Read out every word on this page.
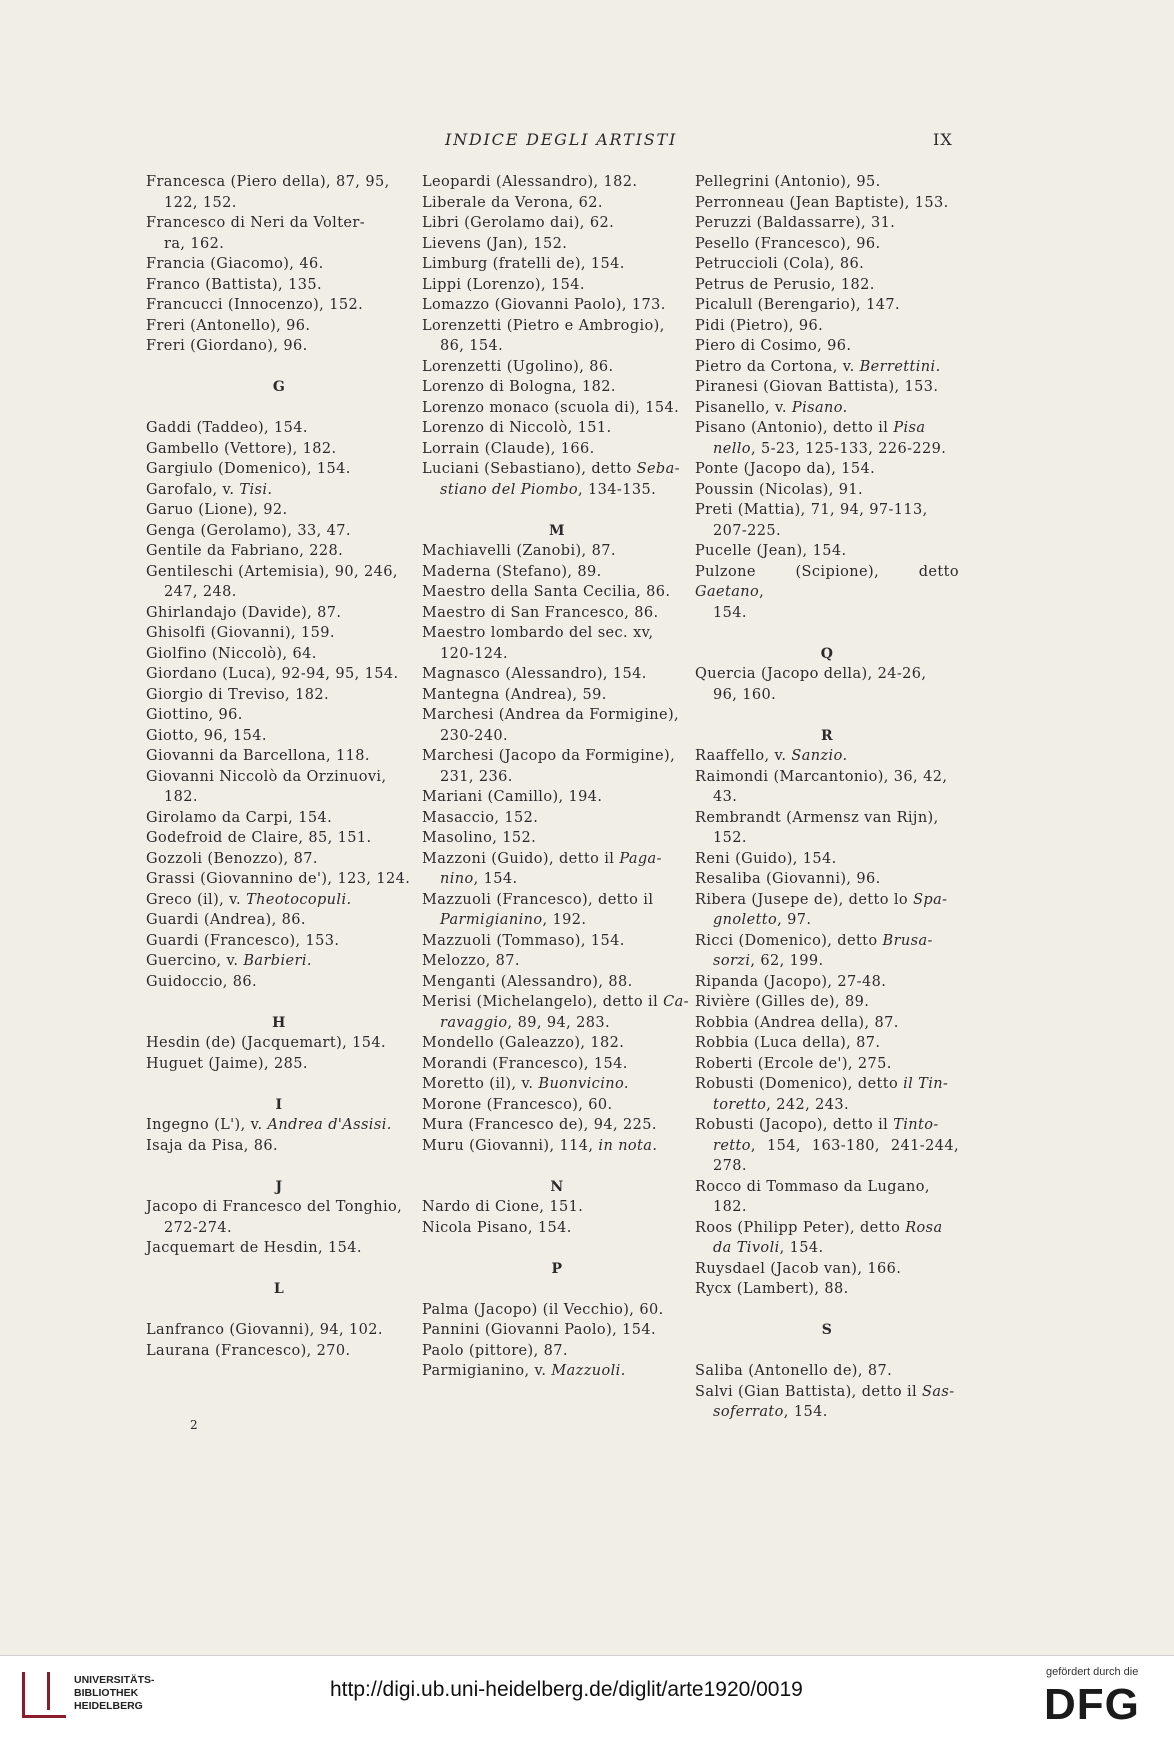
INDICE DEGLI ARTISTI	IX
Francesca (Piero della), 87, 95,
122, 152.
Francesco di Neri da Volter-
ra, 162.
Francia (Giacomo), 46.
Franco (Battista), 135.
Francucci (Innocenzo), 152.
Freri (Antonello), 96.
Freri (Giordano), 96.
G
Gaddi (Taddeo), 154.
Gambello (Vettore), 182.
Gargiulo (Domenico), 154.
Garofalo, v. Tisi.
Garuo (Lione), 92.
Genga (Gerolamo), 33, 47.
Gentile da Fabriano, 228.
Gentileschi (Artemisia), 90, 246,
247, 248.
Ghirlandajo (Davide), 87.
Ghisolfi (Giovanni), 159.
Giolfino (Niccolò), 64.
Giordano (Luca), 92-94, 95, 154.
Giorgio di Treviso, 182.
Giottino, 96.
Giotto, 96, 154.
Giovanni da Barcellona, 118.
Giovanni Niccolò da Orzinuovi,
182.
Girolamo da Carpi, 154.
Godefroid de Claire, 85, 151.
Gozzoli (Benozzo), 87.
Grassi (Giovannino de'), 123, 124.
Greco (il), v. Theotocopuli.
Guardi (Andrea), 86.
Guardi (Francesco), 153.
Guercino, v. Barbieri.
Guidoccio, 86.
H
Hesdin (de) (Jacquemart), 154.
Huguet (Jaime), 285.
I
Ingegno (L'), v. Andrea d'Assisi.
Isaja da Pisa, 86.
J
Jacopo di Francesco del Tonghio,
272-274.
Jacquemart de Hesdin, 154.
L
Lanfranco (Giovanni), 94, 102.
Laurana (Francesco), 270.
Leopardi (Alessandro), 182.
Liberale da Verona, 62.
Libri (Gerolamo dai), 62.
Lievens (Jan), 152.
Limburg (fratelli de), 154.
Lippi (Lorenzo), 154.
Lomazzo (Giovanni Paolo), 173.
Lorenzetti (Pietro e Ambrogio),
86, 154.
Lorenzetti (Ugolino), 86.
Lorenzo di Bologna, 182.
Lorenzo monaco (scuola di), 154.
Lorenzo di Niccolò, 151.
Lorrain (Claude), 166.
Luciani (Sebastiano), detto Seba-
stiano del Piombo, 134-135.
M
Machiavelli (Zanobi), 87.
Maderna (Stefano), 89.
Maestro della Santa Cecilia, 86.
Maestro di San Francesco, 86.
Maestro lombardo del sec. xv,
120-124.
Magnasco (Alessandro), 154.
Mantegna (Andrea), 59.
Marchesi (Andrea da Formigine),
230-240.
Marchesi (Jacopo da Formigine),
231, 236.
Mariani (Camillo), 194.
Masaccio, 152.
Masolino, 152.
Mazzoni (Guido), detto il Paga-
nino, 154.
Mazzuoli (Francesco), detto il
Parmigianino, 192.
Mazzuoli (Tommaso), 154.
Melozzo, 87.
Menganti (Alessandro), 88.
Merisi (Michelangelo), detto il Ca-
ravaggio, 89, 94, 283.
Mondello (Galeazzo), 182.
Morandi (Francesco), 154.
Moretto (il), v. Buonvicino.
Morone (Francesco), 60.
Mura (Francesco de), 94, 225.
Muru (Giovanni), 114, in nota.
N
Nardo di Cione, 151.
Nicola Pisano, 154.
P
Palma (Jacopo) (il Vecchio), 60.
Pannini (Giovanni Paolo), 154.
Paolo (pittore), 87.
Parmigianino, v. Mazzuoli.
Pellegrini (Antonio), 95.
Perronneau (Jean Baptiste), 153.
Peruzzi (Baldassarre), 31.
Pesello (Francesco), 96.
Petruccioli (Cola), 86.
Petrus de Perusio, 182.
Picalull (Berengario), 147.
Pidi (Pietro), 96.
Piero di Cosimo, 96.
Pietro da Cortona, v. Berrettini.
Piranesi (Giovan Battista), 153.
Pisanello, v. Pisano.
Pisano (Antonio), detto il Pisa
nello, 5-23, 125-133, 226-229.
Ponte (Jacopo da), 154.
Poussin (Nicolas), 91.
Preti (Mattia), 71, 94, 97-113,
207-225.
Pucelle (Jean), 154.
Pulzone (Scipione), detto Gaetano,
154.
Q
Quercia (Jacopo della), 24-26,
96, 160.
R
Raaffello, v. Sanzio.
Raimondi (Marcantonio), 36, 42,
43.
Rembrandt (Armensz van Rijn),
152.
Reni (Guido), 154.
Resaliba (Giovanni), 96.
Ribera (Jusepe de), detto lo Spa-
gnoletto, 97.
Ricci (Domenico), detto Brusa-
sorzi, 62, 199.
Ripanda (Jacopo), 27-48.
Rivière (Gilles de), 89.
Robbia (Andrea della), 87.
Robbia (Luca della), 87.
Roberti (Ercole de'), 275.
Robusti (Domenico), detto il Tin-
toretto, 242, 243.
Robusti (Jacopo), detto il Tinto-
retto, 154, 163-180, 241-244, 278.
Rocco di Tommaso da Lugano,
182.
Roos (Philipp Peter), detto Rosa
da Tivoli, 154.
Ruysdael (Jacob van), 166.
Rycx (Lambert), 88.
S
Saliba (Antonello de), 87.
Salvi (Gian Battista), detto il Sas-
soferrato, 154.
2
UNIVERSITÄTS-
BIBLIOTHEK
HEIDELBERG
http://digi.ub.uni-heidelberg.de/diglit/arte1920/0019
gefördert durch die
DFG
